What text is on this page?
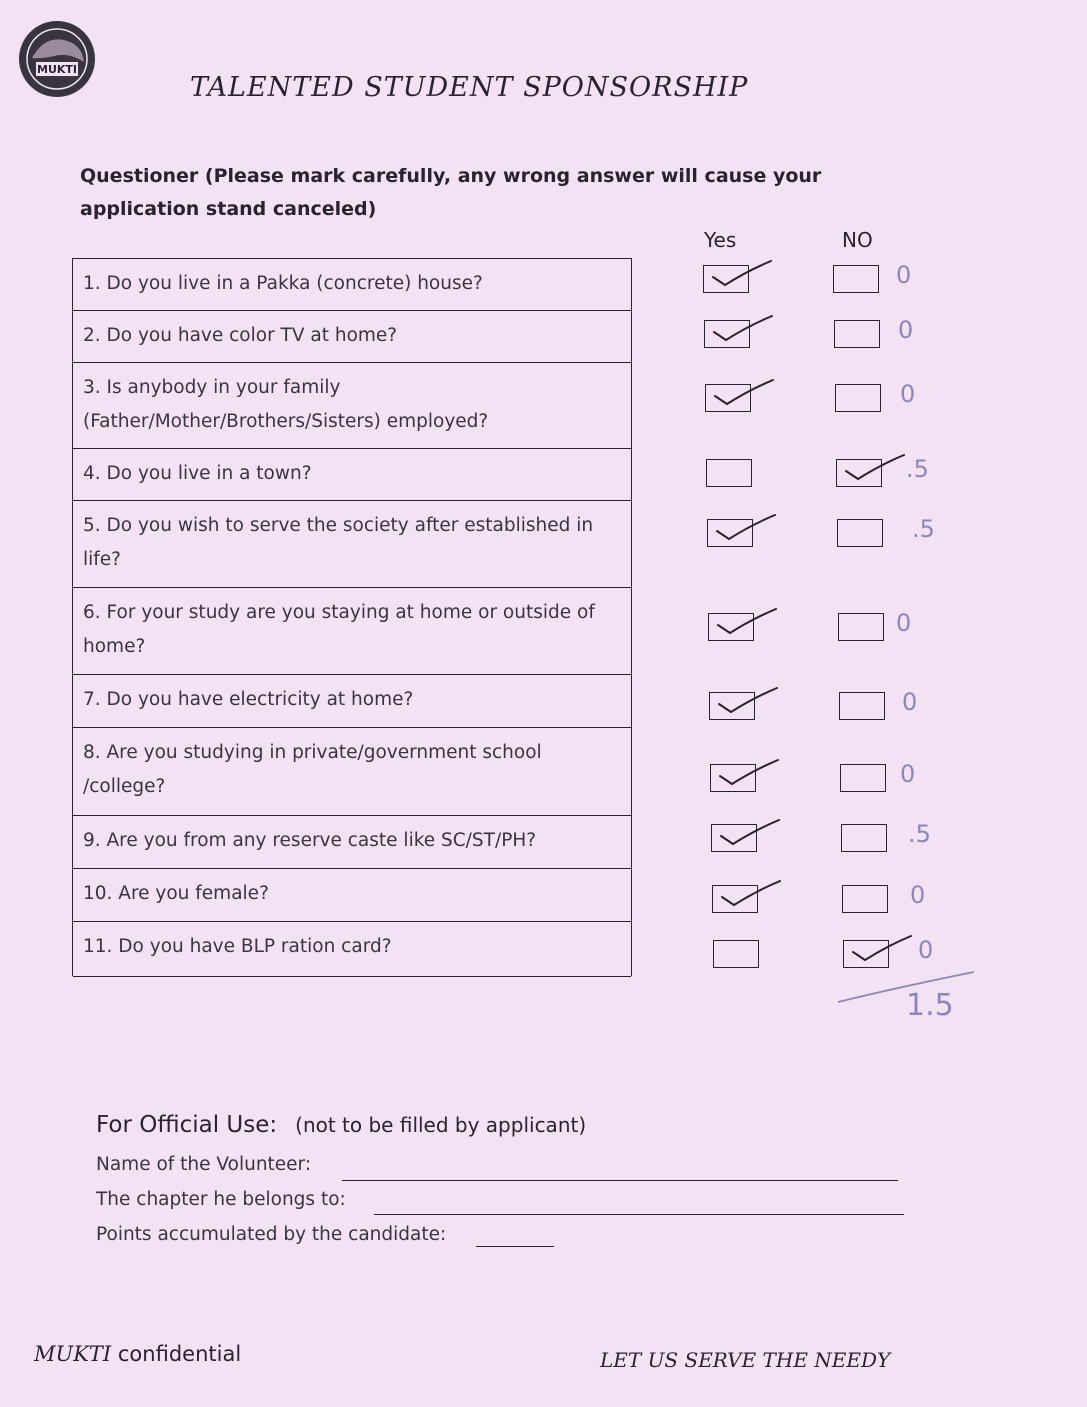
MUKTI
TALENTED STUDENT SPONSORSHIP
Questioner (Please mark carefully, any wrong answer will cause your application stand canceled)
Yes	NO
1. Do you live in a Pakka (concrete) house?
2. Do you have color TV at home?
3. Is anybody in your family (Father/Mother/Brothers/Sisters) employed?
4. Do you live in a town?
5. Do you wish to serve the society after established in life?
6. For your study are you staying at home or outside of home?
7. Do you have electricity at home?
8. Are you studying in private/government school /college?
9. Are you from any reserve caste like SC/ST/PH?
10. Are you female?
11. Do you have BLP ration card?
0
0
0
.5
.5
0
0
0
.5
0
0
1.5
For Official Use: (not to be filled by applicant)
Name of the Volunteer:
The chapter he belongs to:
Points accumulated by the candidate:
MUKTI confidential	LET US SERVE THE NEEDY
